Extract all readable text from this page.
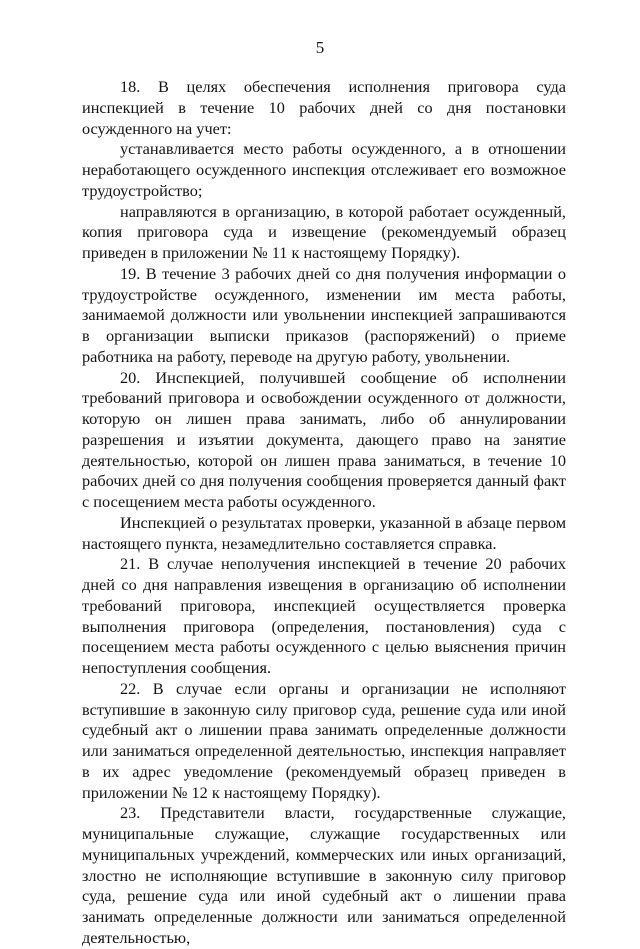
5

18. В целях обеспечения исполнения приговора суда инспекцией в течение 10 рабочих дней со дня постановки осужденного на учет:

устанавливается место работы осужденного, а в отношении неработающего осужденного инспекция отслеживает его возможное трудоустройство;

направляются в организацию, в которой работает осужденный, копия приговора суда и извещение (рекомендуемый образец приведен в приложении № 11 к настоящему Порядку).

19. В течение 3 рабочих дней со дня получения информации о трудоустройстве осужденного, изменении им места работы, занимаемой должности или увольнении инспекцией запрашиваются в организации выписки приказов (распоряжений) о приеме работника на работу, переводе на другую работу, увольнении.

20. Инспекцией, получившей сообщение об исполнении требований приговора и освобождении осужденного от должности, которую он лишен права занимать, либо об аннулировании разрешения и изъятии документа, дающего право на занятие деятельностью, которой он лишен права заниматься, в течение 10 рабочих дней со дня получения сообщения проверяется данный факт с посещением места работы осужденного.

Инспекцией о результатах проверки, указанной в абзаце первом настоящего пункта, незамедлительно составляется справка.

21. В случае неполучения инспекцией в течение 20 рабочих дней со дня направления извещения в организацию об исполнении требований приговора, инспекцией осуществляется проверка выполнения приговора (определения, постановления) суда с посещением места работы осужденного с целью выяснения причин непоступления сообщения.

22. В случае если органы и организации не исполняют вступившие в законную силу приговор суда, решение суда или иной судебный акт о лишении права занимать определенные должности или заниматься определенной деятельностью, инспекция направляет в их адрес уведомление (рекомендуемый образец приведен в приложении № 12 к настоящему Порядку).

23. Представители власти, государственные служащие, муниципальные служащие, служащие государственных или муниципальных учреждений, коммерческих или иных организаций, злостно не исполняющие вступившие в законную силу приговор суда, решение суда или иной судебный акт о лишении права занимать определенные должности или заниматься определенной деятельностью,
